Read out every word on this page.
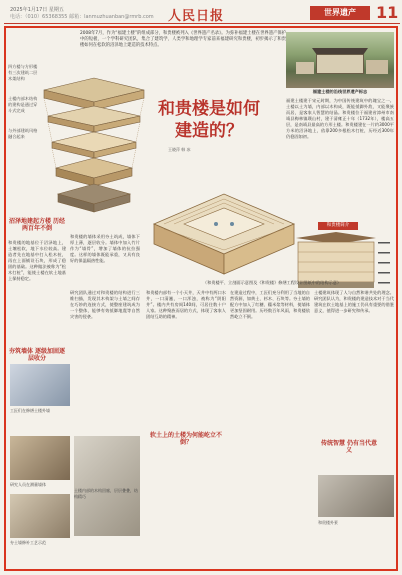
2025年1月17日 星期五
电话：（010）65368355 邮箱：lanmuzhuanban@rmrb.com 人民日报	世界遗产	11
2008年7月，作为“福建土楼”的组成部分，和贵楼被列入《世界遗产名录》。为弥补福建土楼在世界遗产保护中的短板，一个学科研究团队，集合了建筑学、人类学和地理学专家前来福建研究和贵楼，初步揭示了和贵楼如何在松软的沼泽地上建造的技术特点。
四方楼与方形楼有三次建筑二层木架结构
土楼内部木结构的建构是通过穿斗式完成
与外部建筑风格融合起来
和贵楼是如何建造的？
王晓萍 韩 冰
福建土楼的沿线世界遗产标志
福建土楼建于宋元时期，为中国传统建筑中的瑰宝之一。土楼以土为墙，内部以木构成，既能抵御外敌，又能聚族而居，是客家人智慧的结晶。和贵楼位于福建省漳州市南靖县梅林镇璞山村，建于清雍正十年（1732年），楼高五层，是南靖县最高的方形土楼。和贵楼建在一片约3000平方米的沼泽地上，依靠200多根松木打桩，历经近300年仍稳固如初。
和贵楼简介
（和贵楼平、立剖面示意图及《和贵楼》修缮工程设计图纸中的结构示意）
沼泽地建起方楼 历经两百年不倒
和贵楼的地基位于沼泽地上，土壤松软，地下水位较高。建造者先在地基中打入松木桩，再在上面铺设石块，形成了稳固的基础。这种做法被称为“松木打桩”，能使土楼在软土地基上保持稳定。
和贵楼的墙体采用夯土筑成，墙体下厚上薄，逐层收分。墙体中加入竹片作为“墙骨”，增加了墙体的抗拉强度。这样的墙体既能承重，又具有良好的保温隔热性能。
研究团队通过对和贵楼的结构进行三维扫描，发现其木构架与土墙之间存在巧妙的连接方式，使整座建筑成为一个整体，能够有效抵御地震等自然灾害的侵袭。
和贵楼内部有一个小天井，天井中有两口水井，一口清澈，一口浑浊，被称为“阴阳井”。楼内共有房间140间，可居住数十户人家。这种聚族而居的方式，体现了客家人团结互助的精神。
在建造过程中，工匠们充分利用了当地的自然资源，如黄土、杉木、石块等。夯土墙的配方中加入了红糖、糯米浆等材料，使墙体更加坚固耐用。历经数百年风雨，和贵楼依然屹立不倒。
土楼建筑体现了人与自然和谐共处的理念。研究团队认为，和贵楼的建造技术对于当代建筑在软土地基上的施工仍具有重要的借鉴意义，值得进一步研究和传承。
夯筑墙体 逐级加固逐层收分
软土上的土楼为何能屹立不倒？	传统智慧 仍有当代意义
工匠们在修缮土楼外墙
研究人员在测量墙体
夯土墙修补工艺示范
土楼内部的木构回廊，层层叠叠，结构精巧
和贵楼外景
